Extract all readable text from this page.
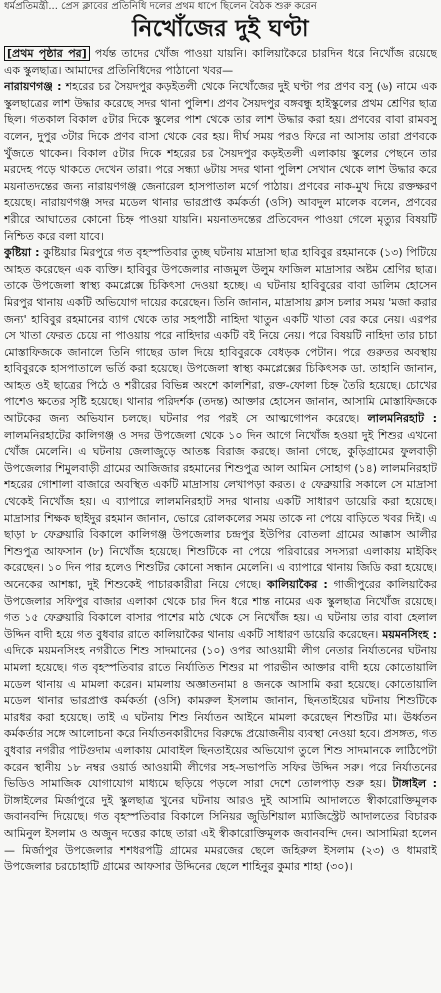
ধর্মপ্রতিমন্ত্রী... প্রেস ক্লাবের প্রতিনিধি দলের প্রথম ধাপে ছিলেন বৈঠক শুরু করেন
নিখোঁজের দুই ঘণ্টা

[প্রথম পৃষ্ঠার পর] পর্যন্ত তাদের খোঁজ পাওয়া যায়নি। কালিয়াকৈরে চারদিন ধরে নিখোঁজ রয়েছে এক স্কুলছাত্র। আমাদের প্রতিনিধিদের পাঠানো খবর—

নারায়ণগঞ্জ : শহরের চর সৈয়দপুর কড়ইতলী থেকে নিখোঁজের দুই ঘণ্টা পর প্রণব বসু (৬) নামে এক স্কুলছাত্রের লাশ উদ্ধার করেছে সদর থানা পুলিশ। প্রণব সৈয়দপুর বঙ্গবন্ধু হাইস্কুলের প্রথম শ্রেণির ছাত্র ছিল। গতকাল বিকাল ৫টার দিকে স্কুলের পাশ থেকে তার লাশ উদ্ধার করা হয়। প্রণবের বাবা রামবসু বলেন, দুপুর ৩টার দিকে প্রণব বাসা থেকে বের হয়। দীর্ঘ সময় পরও ফিরে না আসায় তারা প্রণবকে খুঁজতে থাকেন। বিকাল ৫টার দিকে শহরের চর সৈয়দপুর কড়ইতলী এলাকায় স্কুলের পেছনে তার মরদেহ পড়ে থাকতে দেখেন তারা। পরে সন্ধ্যা ৬টায় সদর থানা পুলিশ সেখান থেকে লাশ উদ্ধার করে ময়নাতদন্তের জন্য নারায়ণগঞ্জ জেনারেল হাসপাতাল মর্গে পাঠায়। প্রণবের নাক-মুখ দিয়ে রক্তক্ষরণ হয়েছে। নারায়ণগঞ্জ সদর মডেল থানার ভারপ্রাপ্ত কর্মকর্তা (ওসি) আবদুল মালেক বলেন, প্রণবের শরীরে আঘাতের কোনো চিহ্ন পাওয়া যায়নি। ময়নাতদন্তের প্রতিবেদন পাওয়া গেলে মৃত্যুর বিষয়টি নিশ্চিত করে বলা যাবে।

কুষ্টিয়া : কুষ্টিয়ার মিরপুরে গত বৃহস্পতিবার তুচ্ছ ঘটনায় মাদ্রাসা ছাত্র হাবিবুর রহমানকে (১৩) পিটিয়ে আহত করেছেন এক ব্যক্তি। হাবিবুর উপজেলার নাজমুল উলুম ফাজিল মাদ্রাসার অষ্টম শ্রেণির ছাত্র। তাকে উপজেলা স্বাস্থ্য কমপ্লেক্সে চিকিৎসা দেওয়া হচ্ছে। এ ঘটনায় হাবিবুরের বাবা ডালিম হোসেন মিরপুর থানায় একটি অভিযোগ দায়ের করেছেন। তিনি জানান, মাদ্রাসায় ক্লাস চলার সময় 'মজা করার জন্য' হাবিবুর রহমানের ব্যাগ থেকে তার সহপাঠী নাহিদা খাতুন একটি খাতা বের করে নেয়। এরপর সে খাতা ফেরত চেয়ে না পাওয়ায় পরে নাহিদার একটি বই নিয়ে নেয়। পরে বিষয়টি নাহিদা তার চাচা মোস্তাফিজকে জানালে তিনি গাছের ডাল দিয়ে হাবিবুরকে বেধড়ক পেটান। পরে গুরুতর অবস্থায় হাবিবুরকে হাসপাতালে ভর্তি করা হয়েছে। উপজেলা স্বাস্থ্য কমপ্লেক্সের চিকিৎসক ডা. তাহানি জানান, আহত ওই ছাত্রের পিঠে ও শরীরের বিভিন্ন অংশে কালশিরা, রক্ত-ফোলা চিহ্ন তৈরি হয়েছে। চোখের পাশেও ক্ষতের সৃষ্টি হয়েছে। থানার পরিদর্শক (তদন্ত) আক্তার হোসেন জানান, আসামি মোস্তাফিজকে আটকের জন্য অভিযান চলছে। ঘটনার পর পরই সে আত্মগোপন করেছে। লালমনিরহাট : লালমনিরহাটের কালিগঞ্জ ও সদর উপজেলা থেকে ১০ দিন আগে নিখোঁজ হওয়া দুই শিশুর এখনো খোঁজ মেলেনি। এ ঘটনায় জেলাজুড়ে আতঙ্ক বিরাজ করছে। জানা গেছে, কুড়িগ্রামের ফুলবাড়ী উপজেলার শিমুলবাড়ী গ্রামের আজিজার রহমানের শিশুপুত্র আল আমিন সোহাগ (১৪) লালমনিরহাট শহরের গোশালা বাজারে অবস্থিত একটি মাদ্রাসায় লেখাপড়া করত। ৫ ফেব্রুয়ারি সকালে সে মাদ্রাসা থেকেই নিখোঁজ হয়। এ ব্যাপারে লালমনিরহাট সদর থানায় একটি সাধারণ ডায়েরি করা হয়েছে। মাদ্রাসার শিক্ষক ছাইদুর রহমান জানান, ভোরে রোলকলের সময় তাকে না পেয়ে বাড়িতে খবর দিই। এ ছাড়া ৮ ফেব্রুয়ারি বিকালে কালিগঞ্জ উপজেলার চন্দ্রপুর ইউপির বোতলা গ্রামের আক্কাস আলীর শিশুপুত্র আফসান (৮) নিখোঁজ হয়েছে। শিশুটিকে না পেয়ে পরিবারের সদস্যরা এলাকায় মাইকিং করেছেন। ১০ দিন পার হলেও শিশুটির কোনো সন্ধান মেলেনি। এ ব্যাপারে থানায় জিডি করা হয়েছে। অনেকের আশঙ্কা, দুই শিশুকেই পাচারকারীরা নিয়ে গেছে। কালিয়াকৈর : গাজীপুরের কালিয়াকৈর উপজেলার সফিপুর বাজার এলাকা থেকে চার দিন ধরে শান্ত নামের এক স্কুলছাত্র নিখোঁজ রয়েছে। গত ১৫ ফেব্রুয়ারি বিকালে বাসার পাশের মাঠ থেকে সে নিখোঁজ হয়। এ ঘটনায় তার বাবা হেলাল উদ্দিন বাদী হয়ে গত বুধবার রাতে কালিয়াকৈর থানায় একটি সাধারণ ডায়েরি করেছেন। ময়মনসিংহ : এদিকে ময়মনসিংহ নগরীতে শিশু সাদমানের (১০) ওপর আওয়ামী লীগ নেতার নির্যাতনের ঘটনায় মামলা হয়েছে। গত বৃহস্পতিবার রাতে নির্যাতিত শিশুর মা পারভীন আক্তার বাদী হয়ে কোতোয়ালি মডেল থানায় এ মামলা করেন। মামলায় অজ্ঞাতনামা ৪ জনকে আসামি করা হয়েছে। কোতোয়ালি মডেল থানার ভারপ্রাপ্ত কর্মকর্তা (ওসি) কামরুল ইসলাম জানান, ছিনতাইয়ের ঘটনায় শিশুটিকে মারধর করা হয়েছে। তাই এ ঘটনায় শিশু নির্যাতন আইনে মামলা করেছেন শিশুটির মা। ঊর্ধ্বতন কর্মকর্তার সঙ্গে আলোচনা করে নির্যাতনকারীদের বিরুদ্ধে প্রয়োজনীয় ব্যবস্থা নেওয়া হবে। প্রসঙ্গত, গত বুধবার নগরীর পাটগুদাম এলাকায় মোবাইল ছিনতাইয়ের অভিযোগ তুলে শিশু সাদমানকে লাঠিপেটা করেন স্থানীয় ১৮ নম্বর ওয়ার্ড আওয়ামী লীগের সহ-সভাপতি সফির উদ্দিন সরু। পরে নির্যাতনের ভিডিও সামাজিক যোগাযোগ মাধ্যমে ছড়িয়ে পড়লে সারা দেশে তোলপাড় শুরু হয়। টাঙ্গাইল : টাঙ্গাইলের মির্জাপুরে দুই স্কুলছাত্র খুনের ঘটনায় আরও দুই আসামি আদালতে স্বীকারোক্তিমূলক জবানবন্দি দিয়েছে। গত বৃহস্পতিবার বিকালে সিনিয়র জুডিশিয়াল ম্যাজিস্ট্রেট আদালতের বিচারক আমিনুল ইসলাম ও অজুন দত্তের কাছে তারা এই স্বীকারোক্তিমূলক জবানবন্দি দেন। আসামিরা হলেন— মির্জাপুর উপজেলার শশধরপট্টি গ্রামের মমরজের ছেলে জহিরুল ইসলাম (২৩) ও ধামরাই উপজেলার চরচোহাটি গ্রামের আফসার উদ্দিনের ছেলে শাহিনুর কুমার শাহা (৩০)।
